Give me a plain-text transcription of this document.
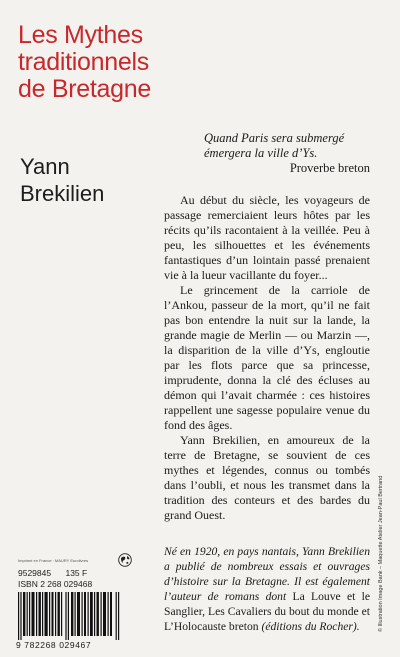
Les Mythes
traditionnels
de Bretagne
Quand Paris sera submergé
émergera la ville d’Ys.
Proverbe breton
Yann
Brekilien	Au début du siècle, les voyageurs de passage remerciaient leurs hôtes par les récits qu’ils racontaient à la veillée. Peu à peu, les silhouettes et les événements fantastiques d’un lointain passé prenaient vie à la lueur vacillante du foyer...

Le grincement de la carriole de l’Ankou, passeur de la mort, qu’il ne fait pas bon entendre la nuit sur la lande, la grande magie de Merlin — ou Marzin —, la disparition de la ville d’Ys, engloutie par les flots parce que sa princesse, imprudente, donna la clé des écluses au démon qui l’avait charmée : ces histoires rappellent une sagesse populaire venue du fond des âges.

Yann Brekilien, en amoureux de la terre de Bretagne, se souvient de ces mythes et légendes, connus ou tombés dans l’oubli, et nous les transmet dans la tradition des conteurs et des bardes du grand Ouest.

Né en 1920, en pays nantais, Yann Brekilien a publié de nombreux essais et ouvrages d’histoire sur la Bretagne. Il est également l’auteur de romans dont La Louve et le Sanglier, Les Cavaliers du bout du monde et L’Holocauste breton (éditions du Rocher).
Imprimé en France : MAURY Eurolivres
9529845 135 F
ISBN 2 268 029468
9 782268 029467
© Illustration Image Bank – Maquette Atelier Jean-Paul Bertrand
